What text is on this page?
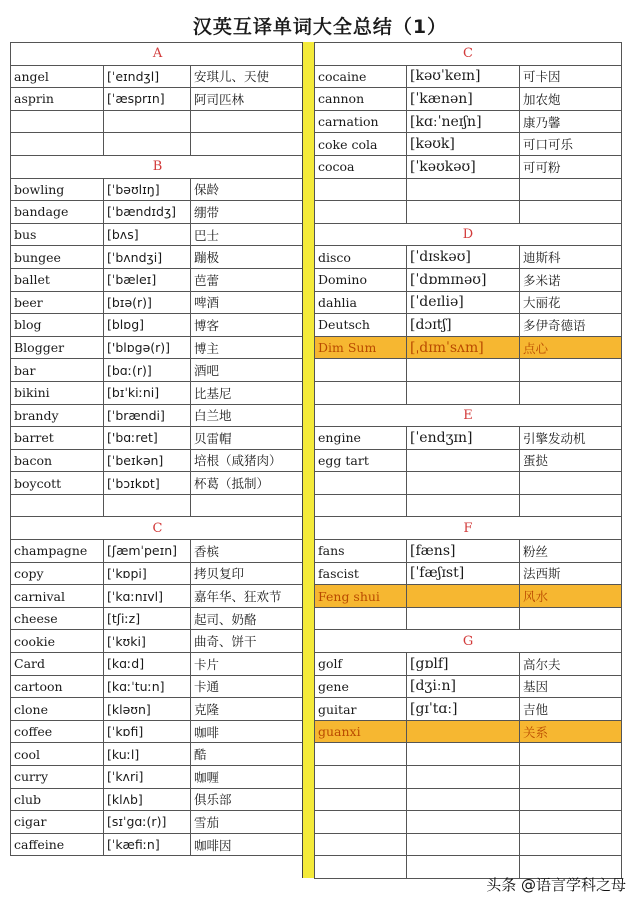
汉英互译单词大全总结（1）
A		
angel	[ˈeɪndʒl]	安琪儿、天使
asprin	[ˈæsprɪn]	阿司匹林

B		
bowling	[ˈbəʊlɪŋ]	保龄
bandage	[ˈbændɪdʒ]	绷带
bus	[bʌs]	巴士
bungee	[ˈbʌndʒi]	蹦极
ballet	[ˈbæleɪ]	芭蕾
beer	[bɪə(r)]	啤酒
blog	[blɒg]	博客
Blogger	['blɒgə(r)]	博主
bar	[bɑː(r)]	酒吧
bikini	[bɪˈkiːni]	比基尼
brandy	[ˈbrændi]	白兰地
barret	['bɑːret]	贝雷帽
bacon	[ˈbeɪkən]	培根（咸猪肉）
boycott	[ˈbɔɪkɒt]	杯葛（抵制）

C		
champagne	[ʃæmˈpeɪn]	香槟
copy	[ˈkɒpi]	拷贝复印
carnival	[ˈkɑːnɪvl]	嘉年华、狂欢节
cheese	[tʃiːz]	起司、奶酪
cookie	[ˈkʊki]	曲奇、饼干
Card	[kɑːd]	卡片
cartoon	[kɑːˈtuːn]	卡通
clone	[kləʊn]	克隆
coffee	[ˈkɒfi]	咖啡
cool	[kuːl]	酷
curry	[ˈkʌri]	咖喱
club	[klʌb]	俱乐部
cigar	[sɪˈgɑː(r)]	雪茄
caffeine	[ˈkæfiːn]	咖啡因
C		
cocaine	[kəʊˈkeɪn]	可卡因
cannon	[ˈkænən]	加农炮
carnation	[kɑːˈneɪʃn]	康乃馨
coke cola	[kəʊk]	可口可乐
cocoa	[ˈkəʊkəʊ]	可可粉

D		
disco	[ˈdɪskəʊ]	迪斯科
Domino	[ˈdɒmɪnəʊ]	多米诺
dahlia	[ˈdeɪliə]	大丽花
Deutsch	[dɔɪtʃ]	多伊奇德语
Dim Sum	[ˌdɪmˈsʌm]	点心

E		
engine	[ˈendʒɪn]	引擎发动机
egg tart		蛋挞

F		
fans	[fæns]	粉丝
fascist	[ˈfæʃɪst]	法西斯
Feng shui		风水

G		
golf	[gɒlf]	高尔夫
gene	[dʒiːn]	基因
guitar	[gɪˈtɑː]	吉他
guanxi		关系

头条 @语言学科之母
